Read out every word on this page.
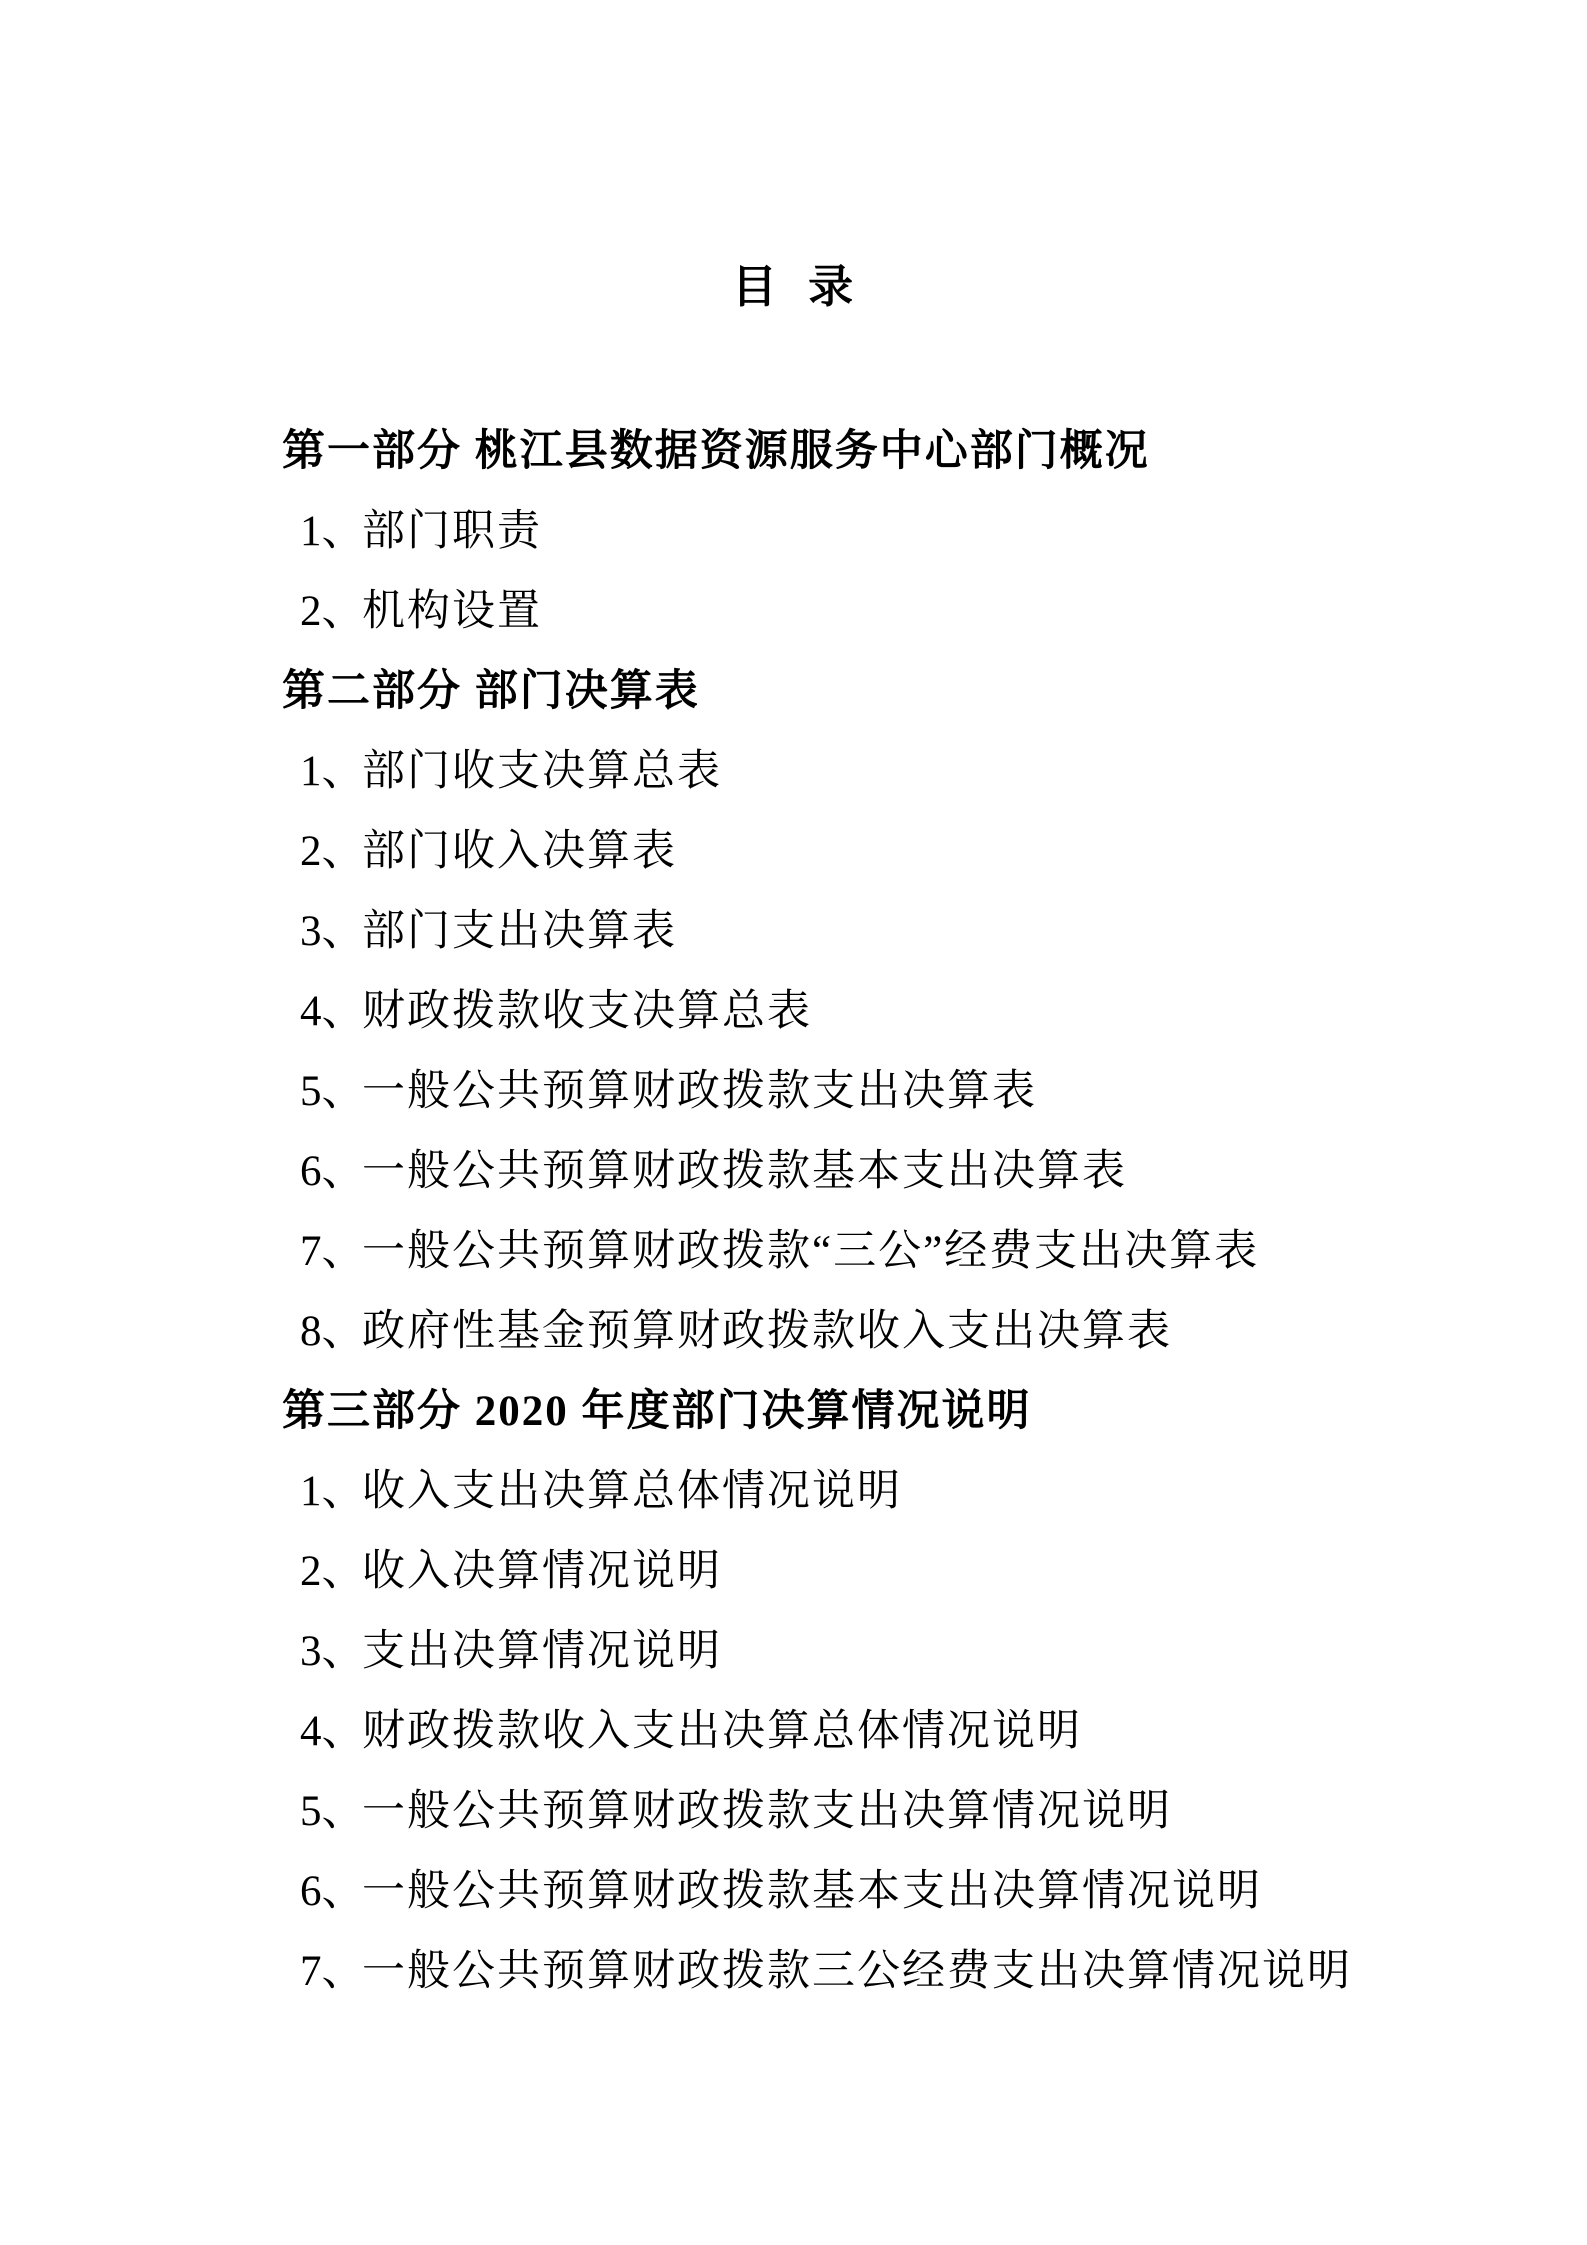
目 录
第一部分 桃江县数据资源服务中心部门概况
1、部门职责
2、机构设置
第二部分 部门决算表
1、部门收支决算总表
2、部门收入决算表
3、部门支出决算表
4、财政拨款收支决算总表
5、一般公共预算财政拨款支出决算表
6、一般公共预算财政拨款基本支出决算表
7、一般公共预算财政拨款“三公”经费支出决算表
8、政府性基金预算财政拨款收入支出决算表
第三部分 2020 年度部门决算情况说明
1、收入支出决算总体情况说明
2、收入决算情况说明
3、支出决算情况说明
4、财政拨款收入支出决算总体情况说明
5、一般公共预算财政拨款支出决算情况说明
6、一般公共预算财政拨款基本支出决算情况说明
7、一般公共预算财政拨款三公经费支出决算情况说明
